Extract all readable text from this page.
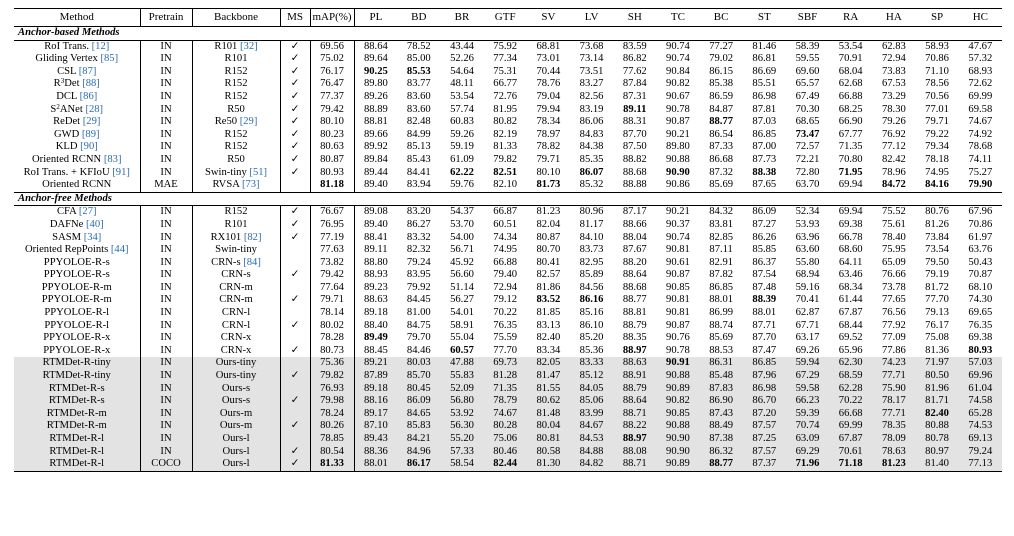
Method	Pretrain	Backbone	MS	mAP(%)	PL	BD	BR	GTF	SV	LV	SH	TC	BC	ST	SBF	RA	HA	SP	HC
Anchor-based Methods																			
RoI Trans. [12]	IN	R101 [32]	✓	69.56	88.64	78.52	43.44	75.92	68.81	73.68	83.59	90.74	77.27	81.46	58.39	53.54	62.83	58.93	47.67
Gliding Vertex [85]	IN	R101	✓	75.02	89.64	85.00	52.26	77.34	73.01	73.14	86.82	90.74	79.02	86.81	59.55	70.91	72.94	70.86	57.32
CSL [87]	IN	R152	✓	76.17	90.25	85.53	54.64	75.31	70.44	73.51	77.62	90.84	86.15	86.69	69.60	68.04	73.83	71.10	68.93
$R^3Det$ [88]	IN	R152	✓	76.47	89.80	83.77	48.11	66.77	78.76	83.27	87.84	90.82	85.38	85.51	65.57	62.68	67.53	78.56	72.62
DCL [86]	IN	R152	✓	77.37	89.26	83.60	53.54	72.76	79.04	82.56	87.31	90.67	86.59	86.98	67.49	66.88	73.29	70.56	69.99
$S^2ANet$ [28]	IN	R50	✓	79.42	88.89	83.60	57.74	81.95	79.94	83.19	89.11	90.78	84.87	87.81	70.30	68.25	78.30	77.01	69.58
ReDet [29]	IN	Re50 [29]	✓	80.10	88.81	82.48	60.83	80.82	78.34	86.06	88.31	90.87	88.77	87.03	68.65	66.90	79.26	79.71	74.67
GWD [89]	IN	R152	✓	80.23	89.66	84.99	59.26	82.19	78.97	84.83	87.70	90.21	86.54	86.85	73.47	67.77	76.92	79.22	74.92
KLD [90]	IN	R152	✓	80.63	89.92	85.13	59.19	81.33	78.82	84.38	87.50	89.80	87.33	87.00	72.57	71.35	77.12	79.34	78.68
Oriented RCNN [83]	IN	R50	✓	80.87	89.84	85.43	61.09	79.82	79.71	85.35	88.82	90.88	86.68	87.73	72.21	70.80	82.42	78.18	74.11
RoI Trans. + KFIoU [91]	IN	Swin-tiny [51]	✓	80.93	89.44	84.41	62.22	82.51	80.10	86.07	88.68	90.90	87.32	88.38	72.80	71.95	78.96	74.95	75.27
Oriented RCNN	MAE	RVSA [73]		81.18	89.40	83.94	59.76	82.10	81.73	85.32	88.88	90.86	85.69	87.65	63.70	69.94	84.72	84.16	79.90
Anchor-free Methods																			
CFA [27]	IN	R152	✓	76.67	89.08	83.20	54.37	66.87	81.23	80.96	87.17	90.21	84.32	86.09	52.34	69.94	75.52	80.76	67.96
DAFNe [40]	IN	R101	✓	76.95	89.40	86.27	53.70	60.51	82.04	81.17	88.66	90.37	83.81	87.27	53.93	69.38	75.61	81.26	70.86
SASM [34]	IN	RX101 [82]	✓	77.19	88.41	83.32	54.00	74.34	80.87	84.10	88.04	90.74	82.85	86.26	63.96	66.78	78.40	73.84	61.97
Oriented RepPoints [44]	IN	Swin-tiny		77.63	89.11	82.32	56.71	74.95	80.70	83.73	87.67	90.81	87.11	85.85	63.60	68.60	75.95	73.54	63.76
PPYOLOE-R-s	IN	CRN-s [84]		73.82	88.80	79.24	45.92	66.88	80.41	82.95	88.20	90.61	82.91	86.37	55.80	64.11	65.09	79.50	50.43
PPYOLOE-R-s	IN	CRN-s	✓	79.42	88.93	83.95	56.60	79.40	82.57	85.89	88.64	90.87	87.82	87.54	68.94	63.46	76.66	79.19	70.87
PPYOLOE-R-m	IN	CRN-m		77.64	89.23	79.92	51.14	72.94	81.86	84.56	88.68	90.85	86.85	87.48	59.16	68.34	73.78	81.72	68.10
PPYOLOE-R-m	IN	CRN-m	✓	79.71	88.63	84.45	56.27	79.12	83.52	86.16	88.77	90.81	88.01	88.39	70.41	61.44	77.65	77.70	74.30
PPYOLOE-R-l	IN	CRN-l		78.14	89.18	81.00	54.01	70.22	81.85	85.16	88.81	90.81	86.99	88.01	62.87	67.87	76.56	79.13	69.65
PPYOLOE-R-l	IN	CRN-l	✓	80.02	88.40	84.75	58.91	76.35	83.13	86.10	88.79	90.87	88.74	87.71	67.71	68.44	77.92	76.17	76.35
PPYOLOE-R-x	IN	CRN-x		78.28	89.49	79.70	55.04	75.59	82.40	85.20	88.35	90.76	85.69	87.70	63.17	69.52	77.09	75.08	69.38
PPYOLOE-R-x	IN	CRN-x	✓	80.73	88.45	84.46	60.57	77.70	83.34	85.36	88.97	90.78	88.53	87.47	69.26	65.96	77.86	81.36	80.93
RTMDet-R-tiny	IN	Ours-tiny		75.36	89.21	80.03	47.88	69.73	82.05	83.33	88.63	90.91	86.31	86.85	59.94	62.30	74.23	71.97	57.03
RTMDet-R-tiny	IN	Ours-tiny	✓	79.82	87.89	85.70	55.83	81.28	81.47	85.12	88.91	90.88	85.48	87.96	67.29	68.59	77.71	80.50	69.96
RTMDet-R-s	IN	Ours-s		76.93	89.18	80.45	52.09	71.35	81.55	84.05	88.79	90.89	87.83	86.98	59.58	62.28	75.90	81.96	61.04
RTMDet-R-s	IN	Ours-s	✓	79.98	88.16	86.09	56.80	78.79	80.62	85.06	88.64	90.82	86.90	86.70	66.23	70.22	78.17	81.71	74.58
RTMDet-R-m	IN	Ours-m		78.24	89.17	84.65	53.92	74.67	81.48	83.99	88.71	90.85	87.43	87.20	59.39	66.68	77.71	82.40	65.28
RTMDet-R-m	IN	Ours-m	✓	80.26	87.10	85.83	56.30	80.28	80.04	84.67	88.22	90.88	88.49	87.57	70.74	69.99	78.35	80.88	74.53
RTMDet-R-l	IN	Ours-l		78.85	89.43	84.21	55.20	75.06	80.81	84.53	88.97	90.90	87.38	87.25	63.09	67.87	78.09	80.78	69.13
RTMDet-R-l	IN	Ours-l	✓	80.54	88.36	84.96	57.33	80.46	80.58	84.88	88.08	90.90	86.32	87.57	69.29	70.61	78.63	80.97	79.24
RTMDet-R-l	COCO	Ours-l	✓	81.33	88.01	86.17	58.54	82.44	81.30	84.82	88.71	90.89	88.77	87.37	71.96	71.18	81.23	81.40	77.13
